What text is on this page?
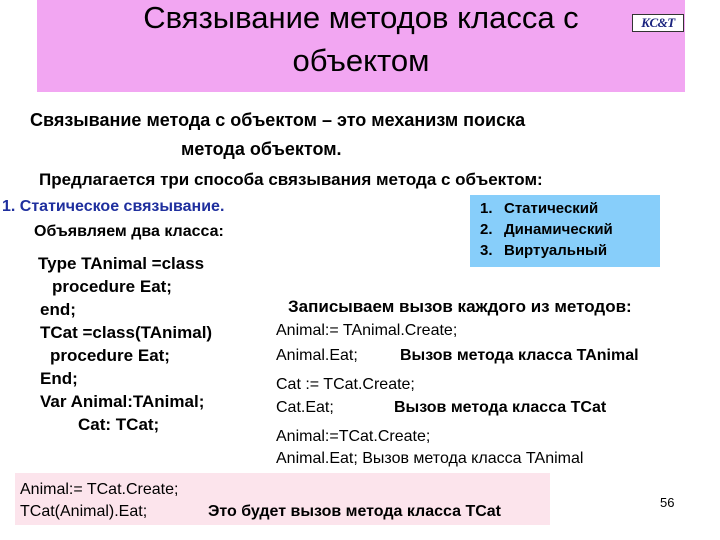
Связывание методов класса с
объектом
KC&T
Связывание метода с объектом – это механизм поиска
метода объектом.
Предлагается три способа связывания метода с объектом:
1. Статическое связывание.
Объявляем два класса:
1. Статический
2. Динамический
3. Виртуальный
Type TAnimal =class
procedure Eat;
end;
TCat =class(TAnimal)
procedure Eat;
End;
Var Animal:TAnimal;
Cat: TCat;
Записываем вызов каждого из методов:
Animal:= TAnimal.Create;
Animal.Eat;	Вызов метода класса TAnimal
Cat := TCat.Create;
Cat.Eat;	Вызов метода класса TCat
Animal:=TCat.Create;
Animal.Eat; Вызов метода класса TAnimal
Animal:= TCat.Create;
TCat(Animal).Eat;	Это будет вызов метода класса TCat
56
